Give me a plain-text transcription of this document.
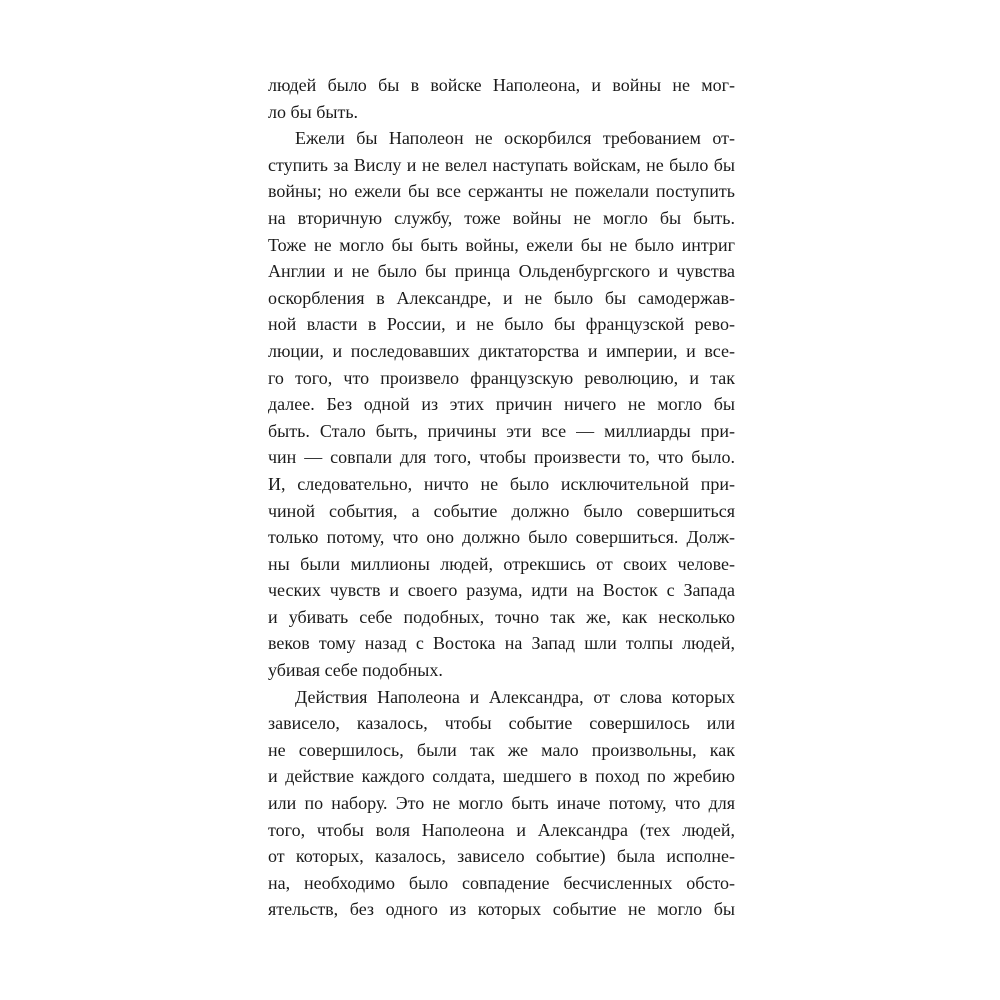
людей было бы в войске Наполеона, и войны не мог-
ло бы быть.
Ежели бы Наполеон не оскорбился требованием от-
ступить за Вислу и не велел наступать войскам, не было бы
войны; но ежели бы все сержанты не пожелали поступить
на вторичную службу, тоже войны не могло бы быть.
Тоже не могло бы быть войны, ежели бы не было интриг
Англии и не было бы принца Ольденбургского и чувства
оскорбления в Александре, и не было бы самодержав-
ной власти в России, и не было бы французской рево-
люции, и последовавших диктаторства и империи, и все-
го того, что произвело французскую революцию, и так
далее. Без одной из этих причин ничего не могло бы
быть. Стало быть, причины эти все — миллиарды при-
чин — совпали для того, чтобы произвести то, что было.
И, следовательно, ничто не было исключительной при-
чиной события, а событие должно было совершиться
только потому, что оно должно было совершиться. Долж-
ны были миллионы людей, отрекшись от своих челове-
ческих чувств и своего разума, идти на Восток с Запада
и убивать себе подобных, точно так же, как несколько
веков тому назад с Востока на Запад шли толпы людей,
убивая себе подобных.
Действия Наполеона и Александра, от слова которых
зависело, казалось, чтобы событие совершилось или
не совершилось, были так же мало произвольны, как
и действие каждого солдата, шедшего в поход по жребию
или по набору. Это не могло быть иначе потому, что для
того, чтобы воля Наполеона и Александра (тех людей,
от которых, казалось, зависело событие) была исполне-
на, необходимо было совпадение бесчисленных обсто-
ятельств, без одного из которых событие не могло бы
